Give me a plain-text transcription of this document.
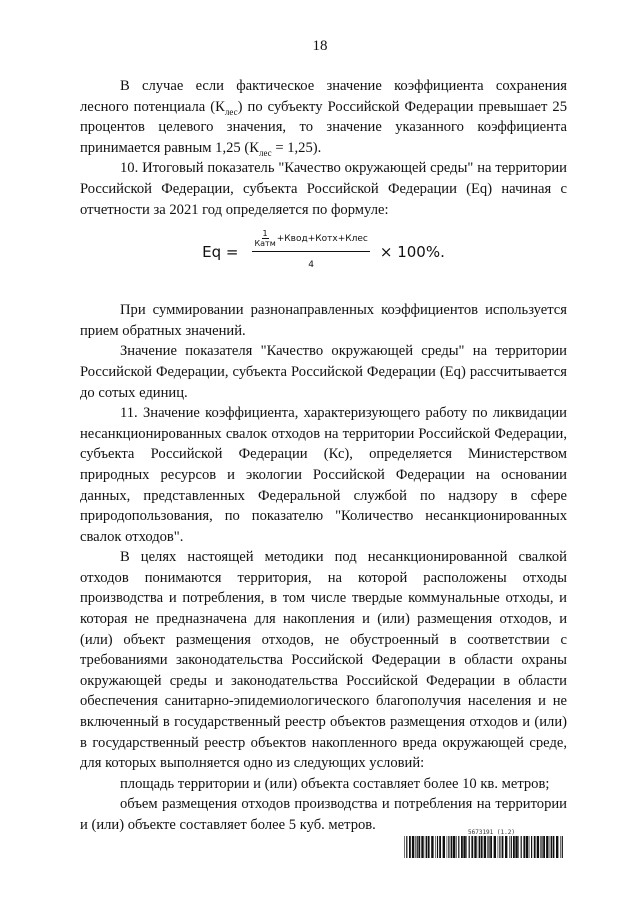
18

В случае если фактическое значение коэффициента сохранения лесного потенциала $(К_{лес})$ по субъекту Российской Федерации превышает 25 процентов целевого значения, то значение указанного коэффициента принимается равным 1,25 $(К_{лес} = 1,25)$.

10. Итоговый показатель "Качество окружающей среды" на территории Российской Федерации, субъекта Российской Федерации (Eq) начиная с отчетности за 2021 год определяется по формуле:

$Eq = \frac{\frac{1}{\text{Катм}} +Квод+Котх+Клес}{4} \times 100\%$.

При суммировании разнонаправленных коэффициентов используется прием обратных значений.

Значение показателя "Качество окружающей среды" на территории Российской Федерации, субъекта Российской Федерации (Eq) рассчитывается до сотых единиц.

11. Значение коэффициента, характеризующего работу по ликвидации несанкционированных свалок отходов на территории Российской Федерации, субъекта Российской Федерации (Кс), определяется Министерством природных ресурсов и экологии Российской Федерации на основании данных, представленных Федеральной службой по надзору в сфере природопользования, по показателю "Количество несанкционированных свалок отходов".

В целях настоящей методики под несанкционированной свалкой отходов понимаются территория, на которой расположены отходы производства и потребления, в том числе твердые коммунальные отходы, и которая не предназначена для накопления и (или) размещения отходов, и (или) объект размещения отходов, не обустроенный в соответствии с требованиями законодательства Российской Федерации в области охраны окружающей среды и законодательства Российской Федерации в области обеспечения санитарно-эпидемиологического благополучия населения и не включенный в государственный реестр объектов размещения отходов и (или) в государственный реестр объектов накопленного вреда окружающей среде, для которых выполняется одно из следующих условий:

площадь территории и (или) объекта составляет более 10 кв. метров;

объем размещения отходов производства и потребления на территории и (или) объекте составляет более 5 куб. метров.	5673191 (1.2)
